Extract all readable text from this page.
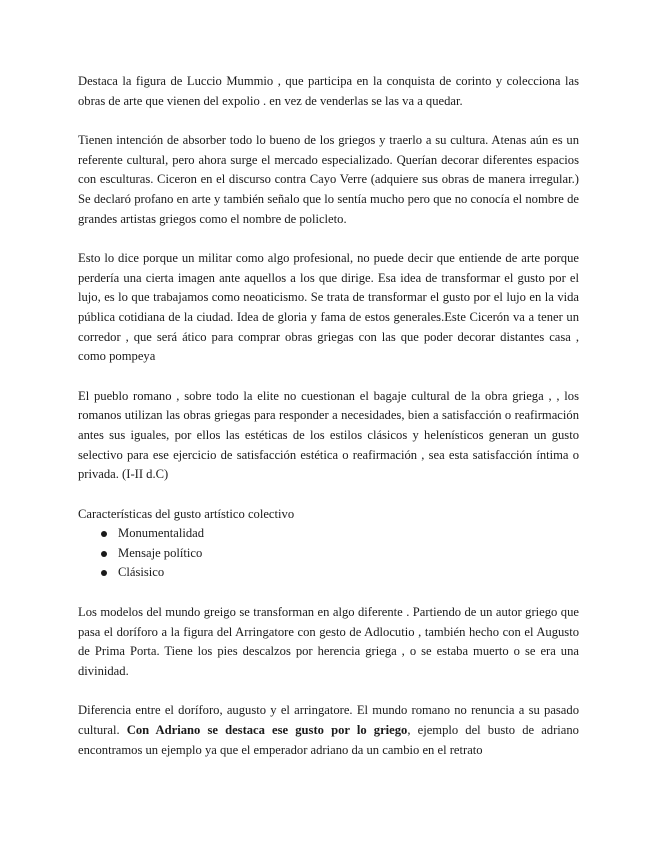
Destaca la figura de Luccio Mummio , que participa en la conquista de corinto y colecciona las obras de arte que vienen del expolio . en vez de venderlas se las va a quedar.

Tienen intención de absorber todo lo bueno de los griegos y traerlo a su cultura. Atenas aún es un referente cultural, pero ahora surge el mercado especializado. Querían decorar diferentes espacios con esculturas. Ciceron en el discurso contra Cayo Verre (adquiere sus obras de manera irregular.) Se declaró profano en arte y también señalo que lo sentía mucho pero que no conocía el nombre de grandes artistas griegos como el nombre de policleto.

Esto lo dice porque un militar como algo profesional, no puede decir que entiende de arte porque perdería una cierta imagen ante aquellos a los que dirige. Esa idea de transformar el gusto por el lujo, es lo que trabajamos como neoaticismo. Se trata de transformar el gusto por el lujo en la vida pública cotidiana de la ciudad. Idea de gloria y fama de estos generales.Este Cicerón va a tener un corredor , que será ático para comprar obras griegas con las que poder decorar distantes casa , como pompeya

El pueblo romano , sobre todo la elite no cuestionan el bagaje cultural de la obra griega , , los romanos utilizan las obras griegas para responder a necesidades, bien a satisfacción o reafirmación antes sus iguales, por ellos las estéticas de los estilos clásicos y helenísticos generan un gusto selectivo para ese ejercicio de satisfacción estética o reafirmación , sea esta satisfacción íntima o privada. (I-II d.C)

Características del gusto artístico colectivo

Monumentalidad
Mensaje político
Clásisico

Los modelos del mundo greigo se transforman en algo diferente . Partiendo de un autor griego que pasa el doríforo a la figura del Arringatore con gesto de Adlocutio , también hecho con el Augusto de Prima Porta. Tiene los pies descalzos por herencia griega , o se estaba muerto o se era una divinidad.

Diferencia entre el doríforo, augusto y el arringatore. El mundo romano no renuncia a su pasado cultural. Con Adriano se destaca ese gusto por lo griego, ejemplo del busto de adriano encontramos un ejemplo ya que el emperador adriano da un cambio en el retrato
